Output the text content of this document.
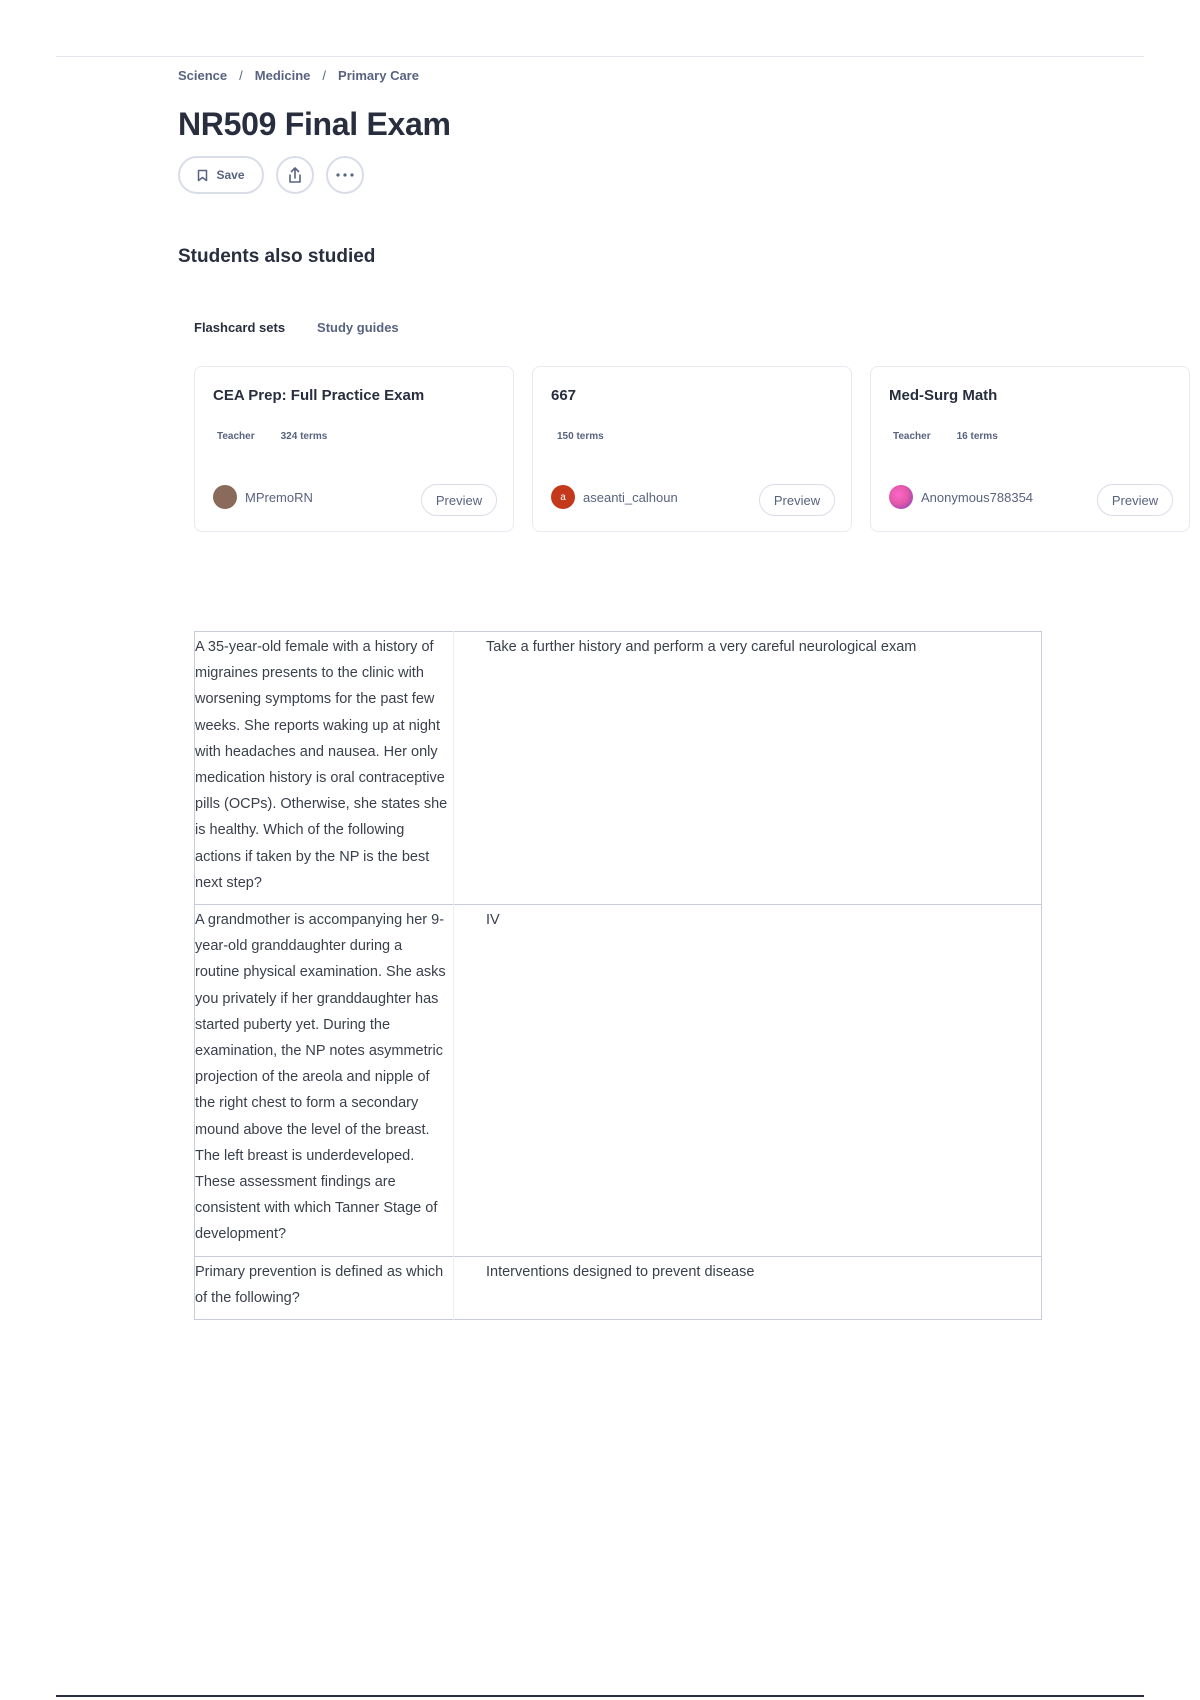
Science / Medicine / Primary Care
NR509 Final Exam
Save
Students also studied
Flashcard sets Study guides
CEA Prep: Full Practice Exam
Teacher	324 terms
MPremoRN	Preview
667
150 terms
a	aseanti_calhoun	Preview
Med-Surg Math
Teacher	16 terms
Anonymous788354	Preview
A 35-year-old female with a history of migraines presents to the clinic with worsening symptoms for the past few weeks. She reports waking up at night with headaches and nausea. Her only medication history is oral contraceptive pills (OCPs). Otherwise, she states she is healthy. Which of the following actions if taken by the NP is the best next step?	Take a further history and perform a very careful neurological exam
A grandmother is accompanying her 9-year-old granddaughter during a routine physical examination. She asks you privately if her granddaughter has started puberty yet. During the examination, the NP notes asymmetric projection of the areola and nipple of the right chest to form a secondary mound above the level of the breast. The left breast is underdeveloped. These assessment findings are consistent with which Tanner Stage of development?	IV
Primary prevention is defined as which of the following?	Interventions designed to prevent disease
